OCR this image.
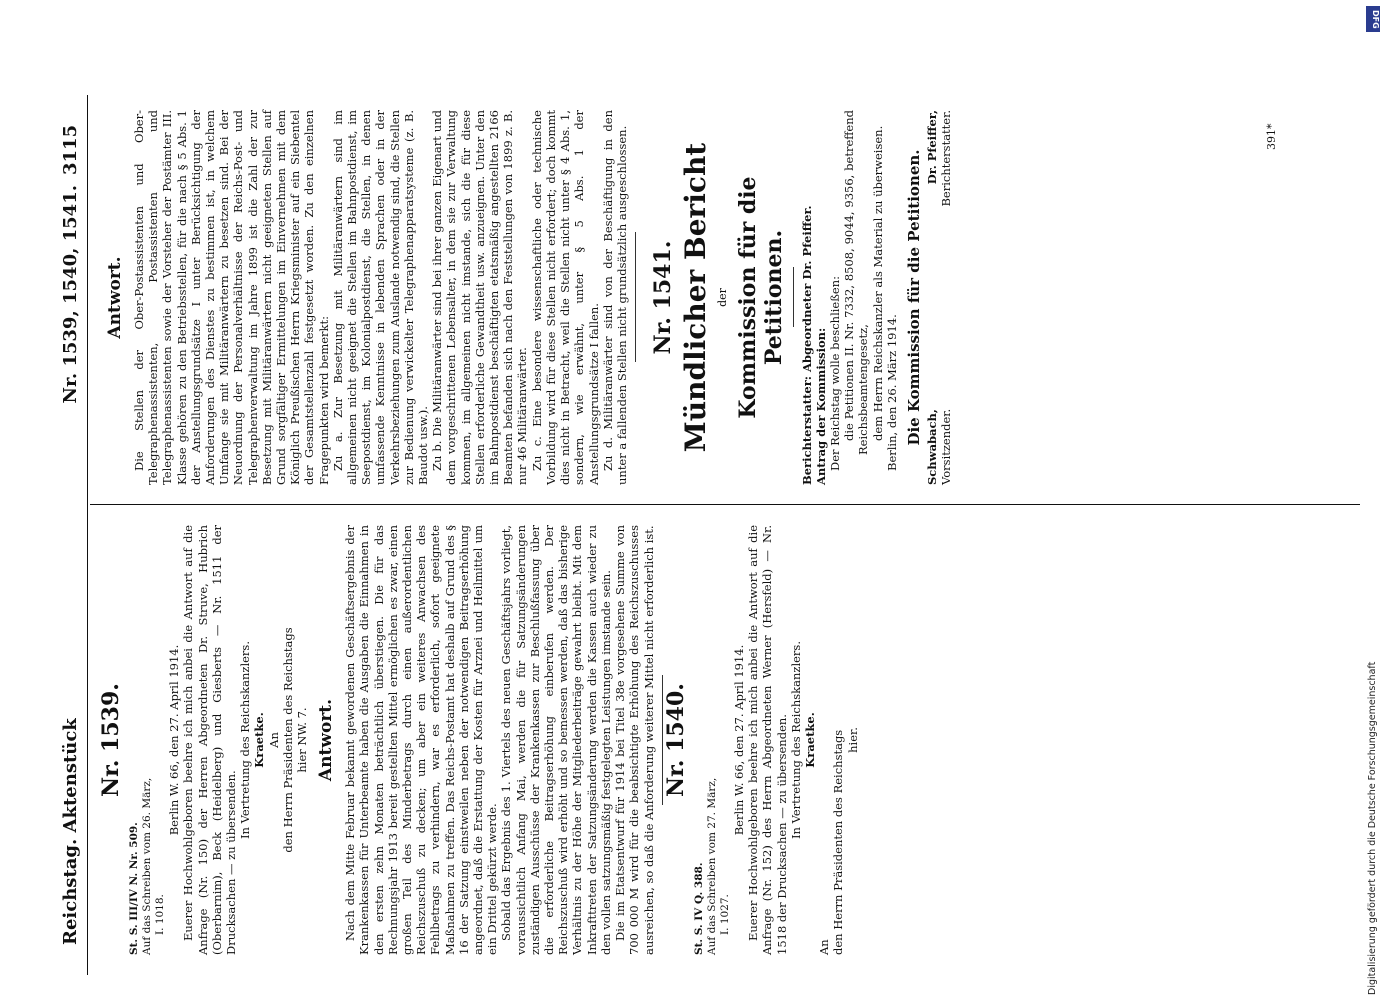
Reichstag. Aktenstück
Nr. 1539, 1540, 1541.
3115
Nr. 1539.
St. S. III/IV N. Nr. 509. Auf das Schreiben vom 26. März, I. 1018.

Berlin W. 66, den 27. April 1914. Euerer Hochwohlgeboren beehre ich mich anbei die Antwort auf die Anfrage (Nr. 150) der Herren Abgeordneten Dr. Struve, Hubrich (Oberbarnim), Beck (Heidelberg) und Giesberts — Nr. 1511 der Drucksachen — zu übersenden.

In Vertretung des Reichskanzlers. Kraetke. An den Herrn Präsidenten des Reichstags hier NW. 7. Antwort. Nach dem Mitte Februar bekannt gewordenen Geschäftsergebnis der Krankenkassen für Unterbeamte haben die Ausgaben die Einnahmen in den ersten zehn Monaten beträchtlich überstiegen. Die für das Rechnungsjahr 1913 bereit gestellten Mittel ermöglichen es zwar, einen großen Teil des Minderbetrags durch einen außerordentlichen Reichszuschuß zu decken; um aber ein weiteres Anwachsen des Fehlbetrags zu verhindern, war es erforderlich, sofort geeignete Maßnahmen zu treffen. Das Reichs-Postamt hat deshalb auf Grund des § 16 der Satzung einstweilen neben der notwendigen Beitragserhöhung angeordnet, daß die Erstattung der Kosten für Arznei und Heilmittel um ein Drittel gekürzt werde. Sobald das Ergebnis des 1. Viertels des neuen Geschäftsjahrs vorliegt, voraussichtlich Anfang Mai, werden die für Satzungsänderungen zuständigen Ausschüsse der Krankenkassen zur Beschlußfassung über die erforderliche Beitragserhöhung einberufen werden. Der Reichszuschuß wird erhöht und so bemessen werden, daß das bisherige Verhältnis zu der Höhe der Mitgliederbeiträge gewahrt bleibt. Mit dem Inkrafttreten der Satzungsänderung werden die Kassen auch wieder zu den vollen satzungsmäßig festgelegten Leistungen imstande sein. Die im Etatsentwurf für 1914 bei Titel 38e vorgesehene Summe von 700 000 M wird für die beabsichtigte Erhöhung des Reichszuschusses ausreichen, so daß die Anforderung weiterer Mittel nicht erforderlich ist. Nr. 1540.
St. S. IV Q. 388. Auf das Schreiben vom 27. März, I. 1027.

Berlin W. 66, den 27. April 1914. Euerer Hochwohlgeboren beehre ich mich anbei die Antwort auf die Anfrage (Nr. 152) des Herrn Abgeordneten Werner (Hersfeld) — Nr. 1518 der Drucksachen — zu übersenden. In Vertretung des Reichskanzlers. Kraetke.

An den Herrn Präsidenten des Reichstags hier.

Antwort. Die Stellen der Ober-Postassistenten und Ober-Telegraphenassistenten, Postassistenten und Telegraphenassistenten sowie der Vorsteher der Postämter III. Klasse gehören zu den Betriebsstellen, für die nach § 5 Abs. 1 der Anstellungsgrundsätze I unter Berücksichtigung der Anforderungen des Dienstes zu bestimmen ist, in welchem Umfange sie mit Militäranwärtern zu besetzen sind. Bei der Neuordnung der Personalverhältnisse der Reichs-Post- und Telegraphenverwaltung im Jahre 1899 ist die Zahl der zur Besetzung mit Militäranwärtern nicht geeigneten Stellen auf Grund sorgfältiger Ermittelungen im Einvernehmen mit dem Königlich Preußischen Herrn Kriegsminister auf ein Siebentel der Gesamtstellenzahl festgesetzt worden. Zu den einzelnen Fragepunkten wird bemerkt: Zu a. Zur Besetzung mit Militäranwärtern sind im allgemeinen nicht geeignet die Stellen im Bahnpostdienst, im Seepostdienst, im Kolonialpostdienst, die Stellen, in denen umfassende Kenntnisse in lebenden Sprachen oder in der Verkehrsbeziehungen zum Auslande notwendig sind, die Stellen zur Bedienung verwickelter Telegraphenapparatsysteme (z. B. Baudot usw.). Zu b. Die Militäranwärter sind bei ihrer ganzen Eigenart und dem vorgeschrittenen Lebensalter, in dem sie zur Verwaltung kommen, im allgemeinen nicht imstande, sich die für diese Stellen erforderliche Gewandtheit usw. anzueignen. Unter den im Bahnpostdienst beschäftigten etatsmäßig angestellten 2166 Beamten befanden sich nach den Feststellungen von 1899 z. B. nur 46 Militäranwärter. Zu c. Eine besondere wissenschaftliche oder technische Vorbildung wird für diese Stellen nicht erfordert; doch kommt dies nicht in Betracht, weil die Stellen nicht unter § 4 Abs. 1, sondern, wie erwähnt, unter § 5 Abs. 1 der Anstellungsgrundsätze I fallen. Zu d. Militäranwärter sind von der Beschäftigung in den unter a fallenden Stellen nicht grundsätzlich ausgeschlossen. Nr. 1541. Mündlicher Bericht der Kommission für die Petitionen. Berichterstatter: Abgeordneter Dr. Pfeiffer. Antrag der Kommission: Der Reichstag wolle beschließen: die Petitionen II. Nr. 7332, 8508, 9044, 9356, betreffend Reichsbeamtengesetz, dem Herrn Reichskanzler als Material zu überweisen. Berlin, den 26. März 1914. Die Kommission für die Petitionen.

Schwabach, Vorsitzender.
Dr. Pfeiffer, Berichterstatter.	391*
DFG
Digitalisierung gefördert durch die Deutsche Forschungsgemeinschaft
